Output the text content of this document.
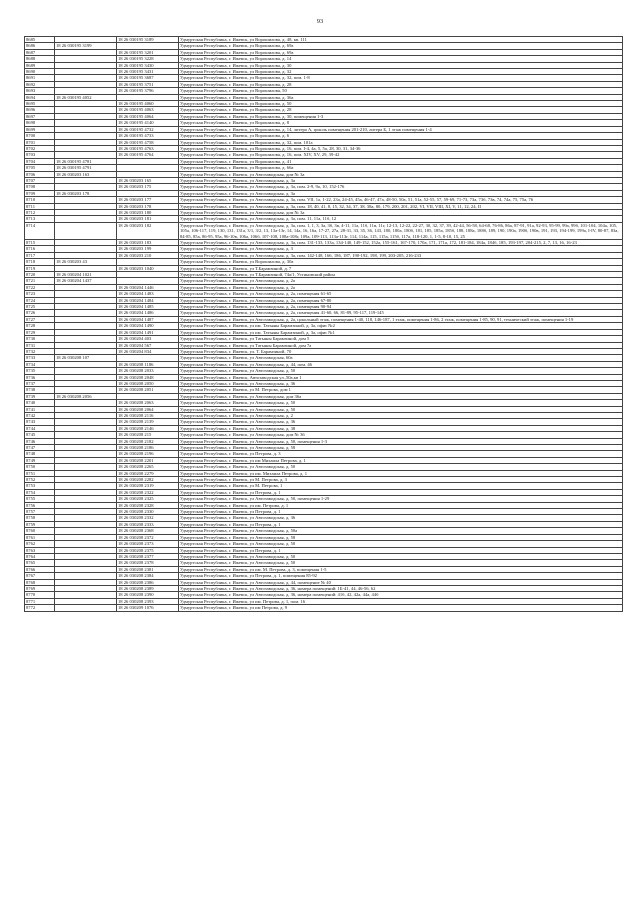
93
8685		18 26 030195 3189	Удмуртская Республика, г. Ижевск, ул Ворошилова, д. 48, кв. 111
8686	18 26 030195 3199		Удмуртская Республика, г. Ижевск, ул Ворошилова, д. 69а
8687		18 26 030195 3201	Удмуртская Республика, г. Ижевск, ул Ворошилова, д. 69а
8688		18 26 030195 3228	Удмуртская Республика, г. Ижевск, ул Ворошилова, д. 14
8689		18 26 030195 3430	Удмуртская Республика, г. Ижевск, ул Ворошилова, д. 30
8690		18 26 030195 3431	Удмуртская Республика, г. Ижевск, ул Ворошилова, д. 32
8691		18 26 030195 3687	Удмуртская Республика, г. Ижевск, ул Ворошилова, д. 32, пом. 1-8
8692		18 26 030195 3751	Удмуртская Республика, г. Ижевск, ул Ворошилова, д. 28
8693		18 26 030195 3796	Удмуртская Республика, г. Ижевск, ул Ворошилова, 50
8694	18 26 030195 4052		Удмуртская Республика, г. Ижевск, ул Ворошилова, д. 36а
8695		18 26 030195 4060	Удмуртская Республика, г. Ижевск, ул Ворошилова, д. 50
8696		18 26 030195 4063	Удмуртская Республика, г. Ижевск, ул Ворошилова, д. 28
8697		18 26 030195 4064	Удмуртская Республика, г. Ижевск, ул Ворошилова, д. 30, помещения 1-3
8698		18 26 030195 4140	Удмуртская Республика, г. Ижевск, ул Ворошилова, д. 8
8699		18 26 030195 4732	Удмуртская Республика, г. Ижевск, ул Ворошилова, д. 14, литера А, цоколь помещения 201-210, литера Б, 1 этаж помещения 1-4
8700		18 26 030195 4733	Удмуртская Республика, г. Ижевск, ул Ворошилова, д. 6
8701		18 26 030195 4758	Удмуртская Республика, г. Ижевск, ул Ворошилова, д. 32, пом. 101а
8702		18 26 030195 4763	Удмуртская Республика, г. Ижевск, ул Ворошилова, д. 16, пом. I-4, 4а, 5, 5а, 28, 30, 31, 34-36
8703		18 26 030195 4764	Удмуртская Республика, г. Ижевск, ул Ворошилова, д. 16, пом. XIV, XV, 29, 39-42
8704	18 26 030195 4781		Удмуртская Республика, г. Ижевск, ул Ворошилова, д. 41
8705	18 26 030195 4791		Удмуртская Республика, г. Ижевск, ул Ворошилова, д. 66а
8706	18 26 030203 163		Удмуртская Республика, г. Ижевск, ул Автозаводская, дом № 3а
8707		18 26 030203 165	Удмуртская Республика, г. Ижевск, ул Автозаводская, д. 3а
8708		18 26 030203 175	Удмуртская Республика, г. Ижевск, ул Автозаводская, д. 3а, пом. 2-9, 9а, 10, 152-176
8709	18 26 030203 178		Удмуртская Республика, г. Ижевск, ул Автозаводская, д. 3а
8710		18 26 030203 177	Удмуртская Республика, г. Ижевск, ул Автозаводская, д. 3а, пом. VII, 1а, 1-22, 23а, 24-45, 45а, 46-47, 47а, 48-50, 50а, 51, 51а, 52-55, 57, 59-69, 71-73, 73а, 73б, 73в, 74, 74а, 75, 75а, 76
8711		18 26 030203 178	Удмуртская Республика, г. Ижевск, ул Автозаводская, д. 3а, пом. 18, 40, 41, 8, 15, 32, 34, 37, 38, 38а, 80, 179, 200, 201, 202, VI, VII, VIII, XI, V, 11, 12, 24, II
8712		18 26 030203 180	Удмуртская Республика, г. Ижевск, ул Автозаводская, дом № 3а
8713		18 26 030203 181	Удмуртская Республика, г. Ижевск, ул Автозаводская, д. 3а, пом. 11, 11а, 11б, 12
8714		18 26 030203 182	Удмуртская Республика, г. Ижевск, ул Автозаводская, д. 3а, пом. 1, 1, 3, 3а, 3б, 3в, 4-11, 11а, 11б, 11в, 11г, 12-13, 12-22, 22-27, 30, 32, 37, 39, 42-44, 56-58, 64-68, 76-86, 86а, 87-91, 91а, 92-93, 95-99, 99а, 99б, 101-104, 104а, 105, 105а, 106-117, 119, 130, 131, 131а, 3/1, 3/2, 13, 13а-13г, 14, 14а, 16, 16а, 17-27, 27а, 28-31, 33, 35, 36, 143, 180, 180а, 180б, 181, 185, 185а, 185б, 188, 188а, 188б, 189, 190, 190а, 190б, 190в, 191, 193, 194-199, 199а, I-IV, 80-87, 83а, 84-85, 85а, 86-95, 95а, 96-10в, 106а, 106б, 107-108, 108а-108г, 109а, 109-113, 113а-113г, 114, 114а, 115, 115а, 115б, 117а, 118-120, 1, 1-5, 8-10, 15, 25
8715		18 26 030203 183	Удмуртская Республика, г. Ижевск, ул Автозаводская, д. 3а, пом. 131-133, 133а, 134-140, 149-152, 152а, 155-161, 167-170, 170а, 171, 171а, 172, 181-184, 184а, 184б, 185, 193-197, 204-215, 2, 7, 13, 16, 16-23
8716		18 26 030203 199	Удмуртская Республика, г. Ижевск, ул Автозаводская, д. 3
8717		18 26 030203 210	Удмуртская Республика, г. Ижевск, ул Автозаводская, д. 3а, пом. 142-148, 166, 186, 187, 190-192, 198, 199, 203-205, 216-233
8718	18 26 030203 43		Удмуртская Республика, г. Ижевск, ул Ворошилова, д. 30а
8719		18 26 030203 1040	Удмуртская Республика, г. Ижевск, ул Т.Барамзиной, д. 7
8720	18 26 030204 1021		Удмуртская Республика, г. Ижевск, ул Т.Барамзиной, 74а/1, Устиновский район
8721	18 26 030204 1437		Удмуртская Республика, г. Ижевск, ул Автозаводская, д. 2а
8722		18 26 030204 1446	Удмуртская Республика, г. Ижевск, ул Автозаводская, д. 2а
8723		18 26 030204 1483	Удмуртская Республика, г. Ижевск, ул Автозаводская, д. 2а, помещения 61-65
8724		18 26 030204 1484	Удмуртская Республика, г. Ижевск, ул Автозаводская, д. 2а, помещения 67-80
8725		18 26 030204 1485	Удмуртская Республика, г. Ижевск, ул Автозаводская, д. 2а, помещения 90-94
8726		18 26 030204 1486	Удмуртская Республика, г. Ижевск, ул Автозаводская, д. 2а, помещения 41-60, 66, 81-89, 95-117, 119-145
8727		18 26 030204 1487	Удмуртская Республика, г. Ижевск, ул Автозаводская, д. 2а, цокольный этаж, помещения 1-40, 118, 146-187, 1 этаж, помещения 1-86, 2 этаж, помещения 1-85, 90, 91, технический этаж, помещения 1-19
8728		18 26 030204 1490	Удмуртская Республика, г. Ижевск, ул им. Татьяны Барамзиной, д. 3а, офис №2
8729		18 26 030204 1491	Удмуртская Республика, г. Ижевск, ул им. Татьяны Барамзиной, д. 3а, офис №1
8730		18 26 030204 403	Удмуртская Республика, г. Ижевск, ул Татьяны Барамзиной, дом 5
8731		18 26 030204 567	Удмуртская Республика, г. Ижевск, ул Татьяны Барамзиной, дом 7а
8732		18 26 030204 834	Удмуртская Республика, г. Ижевск, ул. Т. Барамзиной, 70
8733	18 26 030208 107		Удмуртская Республика, г. Ижевск, ул Автозаводская, 60а
8734		18 26 030208 1186	Удмуртская Республика, г. Ижевск, ул Автозаводская, д. 44, пом. 46
8735		18 26 030208 2033	Удмуртская Республика, г. Ижевск, ул Автозаводская, д. 50
8736		18 26 030208 2048	Удмуртская Республика, г. Ижевск, Автозаводская ул.,50а,кв 1
8737		18 26 030208 2050	Удмуртская Республика, г. Ижевск, ул Автозаводская, д. 36
8738		18 26 030208 2051	Удмуртская Республика, г. Ижевск, ул М. Петрова, дом 1
8739	18 26 030208 2056		Удмуртская Республика, г. Ижевск, ул Автозаводская, дом 36а
8740		18 26 030208 2063	Удмуртская Республика, г. Ижевск, ул Автозаводская, д. 50
8741		18 26 030208 2064	Удмуртская Республика, г. Ижевск, ул Автозаводская, д. 50
8742		18 26 030208 2116	Удмуртская Республика, г. Ижевск, ул Автозаводская, д. 2
8743		18 26 030208 2139	Удмуртская Республика, г. Ижевск, ул Автозаводская, д. 36
8744		18 26 030208 2146	Удмуртская Республика, г. Ижевск, ул Автозаводская, д. 38
8745		18 26 030208 215	Удмуртская Республика, г. Ижевск, ул Автозаводская, дом № 36
8746		18 26 030208 2182	Удмуртская Республика, г. Ижевск, ул Автозаводская, д. 50, помещения 1-3
8747		18 26 030208 2186	Удмуртская Республика, г. Ижевск, ул Автозаводская, д. 58
8748		18 26 030208 2196	Удмуртская Республика, г. Ижевск, ул Петрова, д. 3
8749		18 26 030208 2201	Удмуртская Республика, г. Ижевск, ул им Михаила Петрова, д. 1
8750		18 26 030208 2265	Удмуртская Республика, г. Ижевск, ул Автозаводская, д. 50
8751		18 26 030208 2279	Удмуртская Республика, г. Ижевск, ул им. Михаила Петрова, д. 1
8752		18 26 030208 2282	Удмуртская Республика, г. Ижевск, ул М. Петрова, д. 3
8753		18 26 030208 2319	Удмуртская Республика, г. Ижевск, ул М. Петрова, 1
8754		18 26 030208 2322	Удмуртская Республика, г. Ижевск, ул Петрова, д. 1
8755		18 26 030208 2325	Удмуртская Республика, г. Ижевск, ул Автозаводская, д. 50, помещения 1-29
8756		18 26 030208 2328	Удмуртская Республика, г. Ижевск, ул им. Петрова, д. 1
8757		18 26 030208 2330	Удмуртская Республика, г. Ижевск, ул Петрова, д. 1
8758		18 26 030208 2332	Удмуртская Республика, г. Ижевск, ул Автозаводская, д. 36
8759		18 26 030208 2333	Удмуртская Республика, г. Ижевск, ул Петрова, д. 1
8760		18 26 030208 2368	Удмуртская Республика, г. Ижевск, ул Автозаводская, д. 50а
8761		18 26 030208 2372	Удмуртская Республика, г. Ижевск, ул Автозаводская, д. 58
8762		18 26 030208 2373	Удмуртская Республика, г. Ижевск, ул Автозаводская, д. 50
8763		18 26 030208 2375	Удмуртская Республика, г. Ижевск, ул Петрова, д. 1
8764		18 26 030208 2377	Удмуртская Республика, г. Ижевск, ул Автозаводская, д. 50
8765		18 26 030208 2378	Удмуртская Республика, г. Ижевск, ул Автозаводская, д. 50
8766		18 26 030208 2381	Удмуртская Республика, г. Ижевск, ул им. М. Петрова, д. 3, помещения 1-5
8767		18 26 030208 2384	Удмуртская Республика, г. Ижевск, ул Петрова, д. 1, помещения 85-92
8768		18 26 030208 2386	Удмуртская Республика, г. Ижевск, ул Автозаводская, д. 44, помещение № 40
8769		18 26 030208 2389	Удмуртская Республика, г. Ижевск, ул Автозаводская, д. 36, номера помещений: 1Б-41, 44, 46-56, 62
8770		18 26 030208 2390	Удмуртская Республика, г. Ижевск, ул Автозаводская, д. 36, номера помещений: 41б, 42, 42а, 44а, 44б
8771		18 26 030208 2393	Удмуртская Республика, г. Ижевск, ул им. Петрова, д. 1, пом. 16
8772		18 26 030209 1076	Удмуртская Республика, г. Ижевск, ул им Петрова, д. 9
